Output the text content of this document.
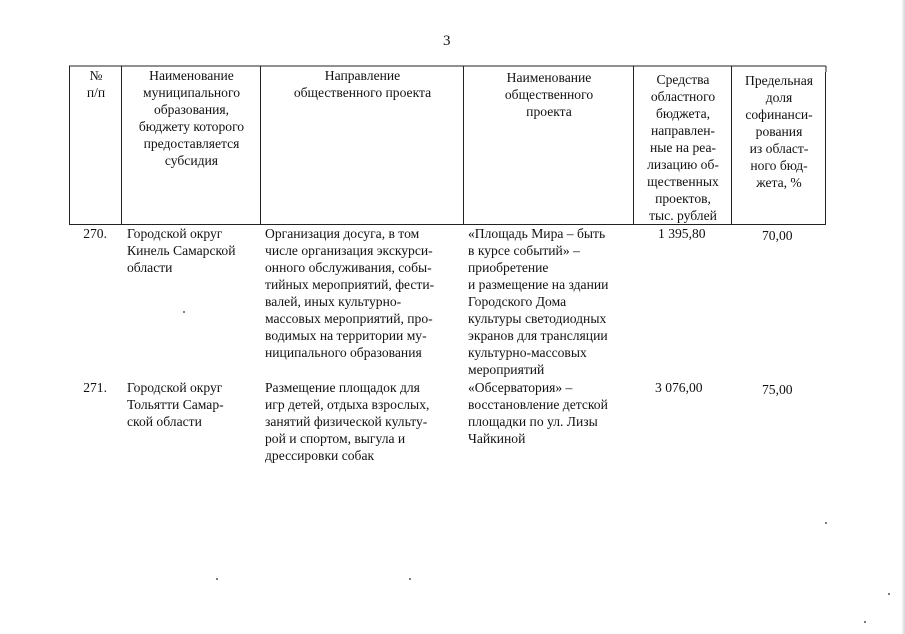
3
№
п/п
Наименование
муниципального
образования,
бюджету которого
предоставляется
субсидия
Направление
общественного проекта
Наименование
общественного
проекта
Средства
областного
бюджета,
направлен-
ные на реа-
лизацию об-
щественных
проектов,
тыс. рублей
Предельная
доля
софинанси-
рования
из област-
ного бюд-
жета, %
270. Городской округ
Кинель Самарской
области
Организация досуга, в том
числе организация экскурси-
онного обслуживания, собы-
тийных мероприятий, фести-
валей, иных культурно-
массовых мероприятий, про-
водимых на территории му-
ниципального образования
«Площадь Мира – быть
в курсе событий» –
приобретение
и размещение на здании
Городского Дома
культуры светодиодных
экранов для трансляции
культурно-массовых
мероприятий
1 395,80	70,00
271. Городской округ
Тольятти Самар-
ской области
Размещение площадок для
игр детей, отдыха взрослых,
занятий физической культу-
рой и спортом, выгула и
дрессировки собак
«Обсерватория» –
восстановление детской
площадки по ул. Лизы
Чайкиной
3 076,00	75,00
